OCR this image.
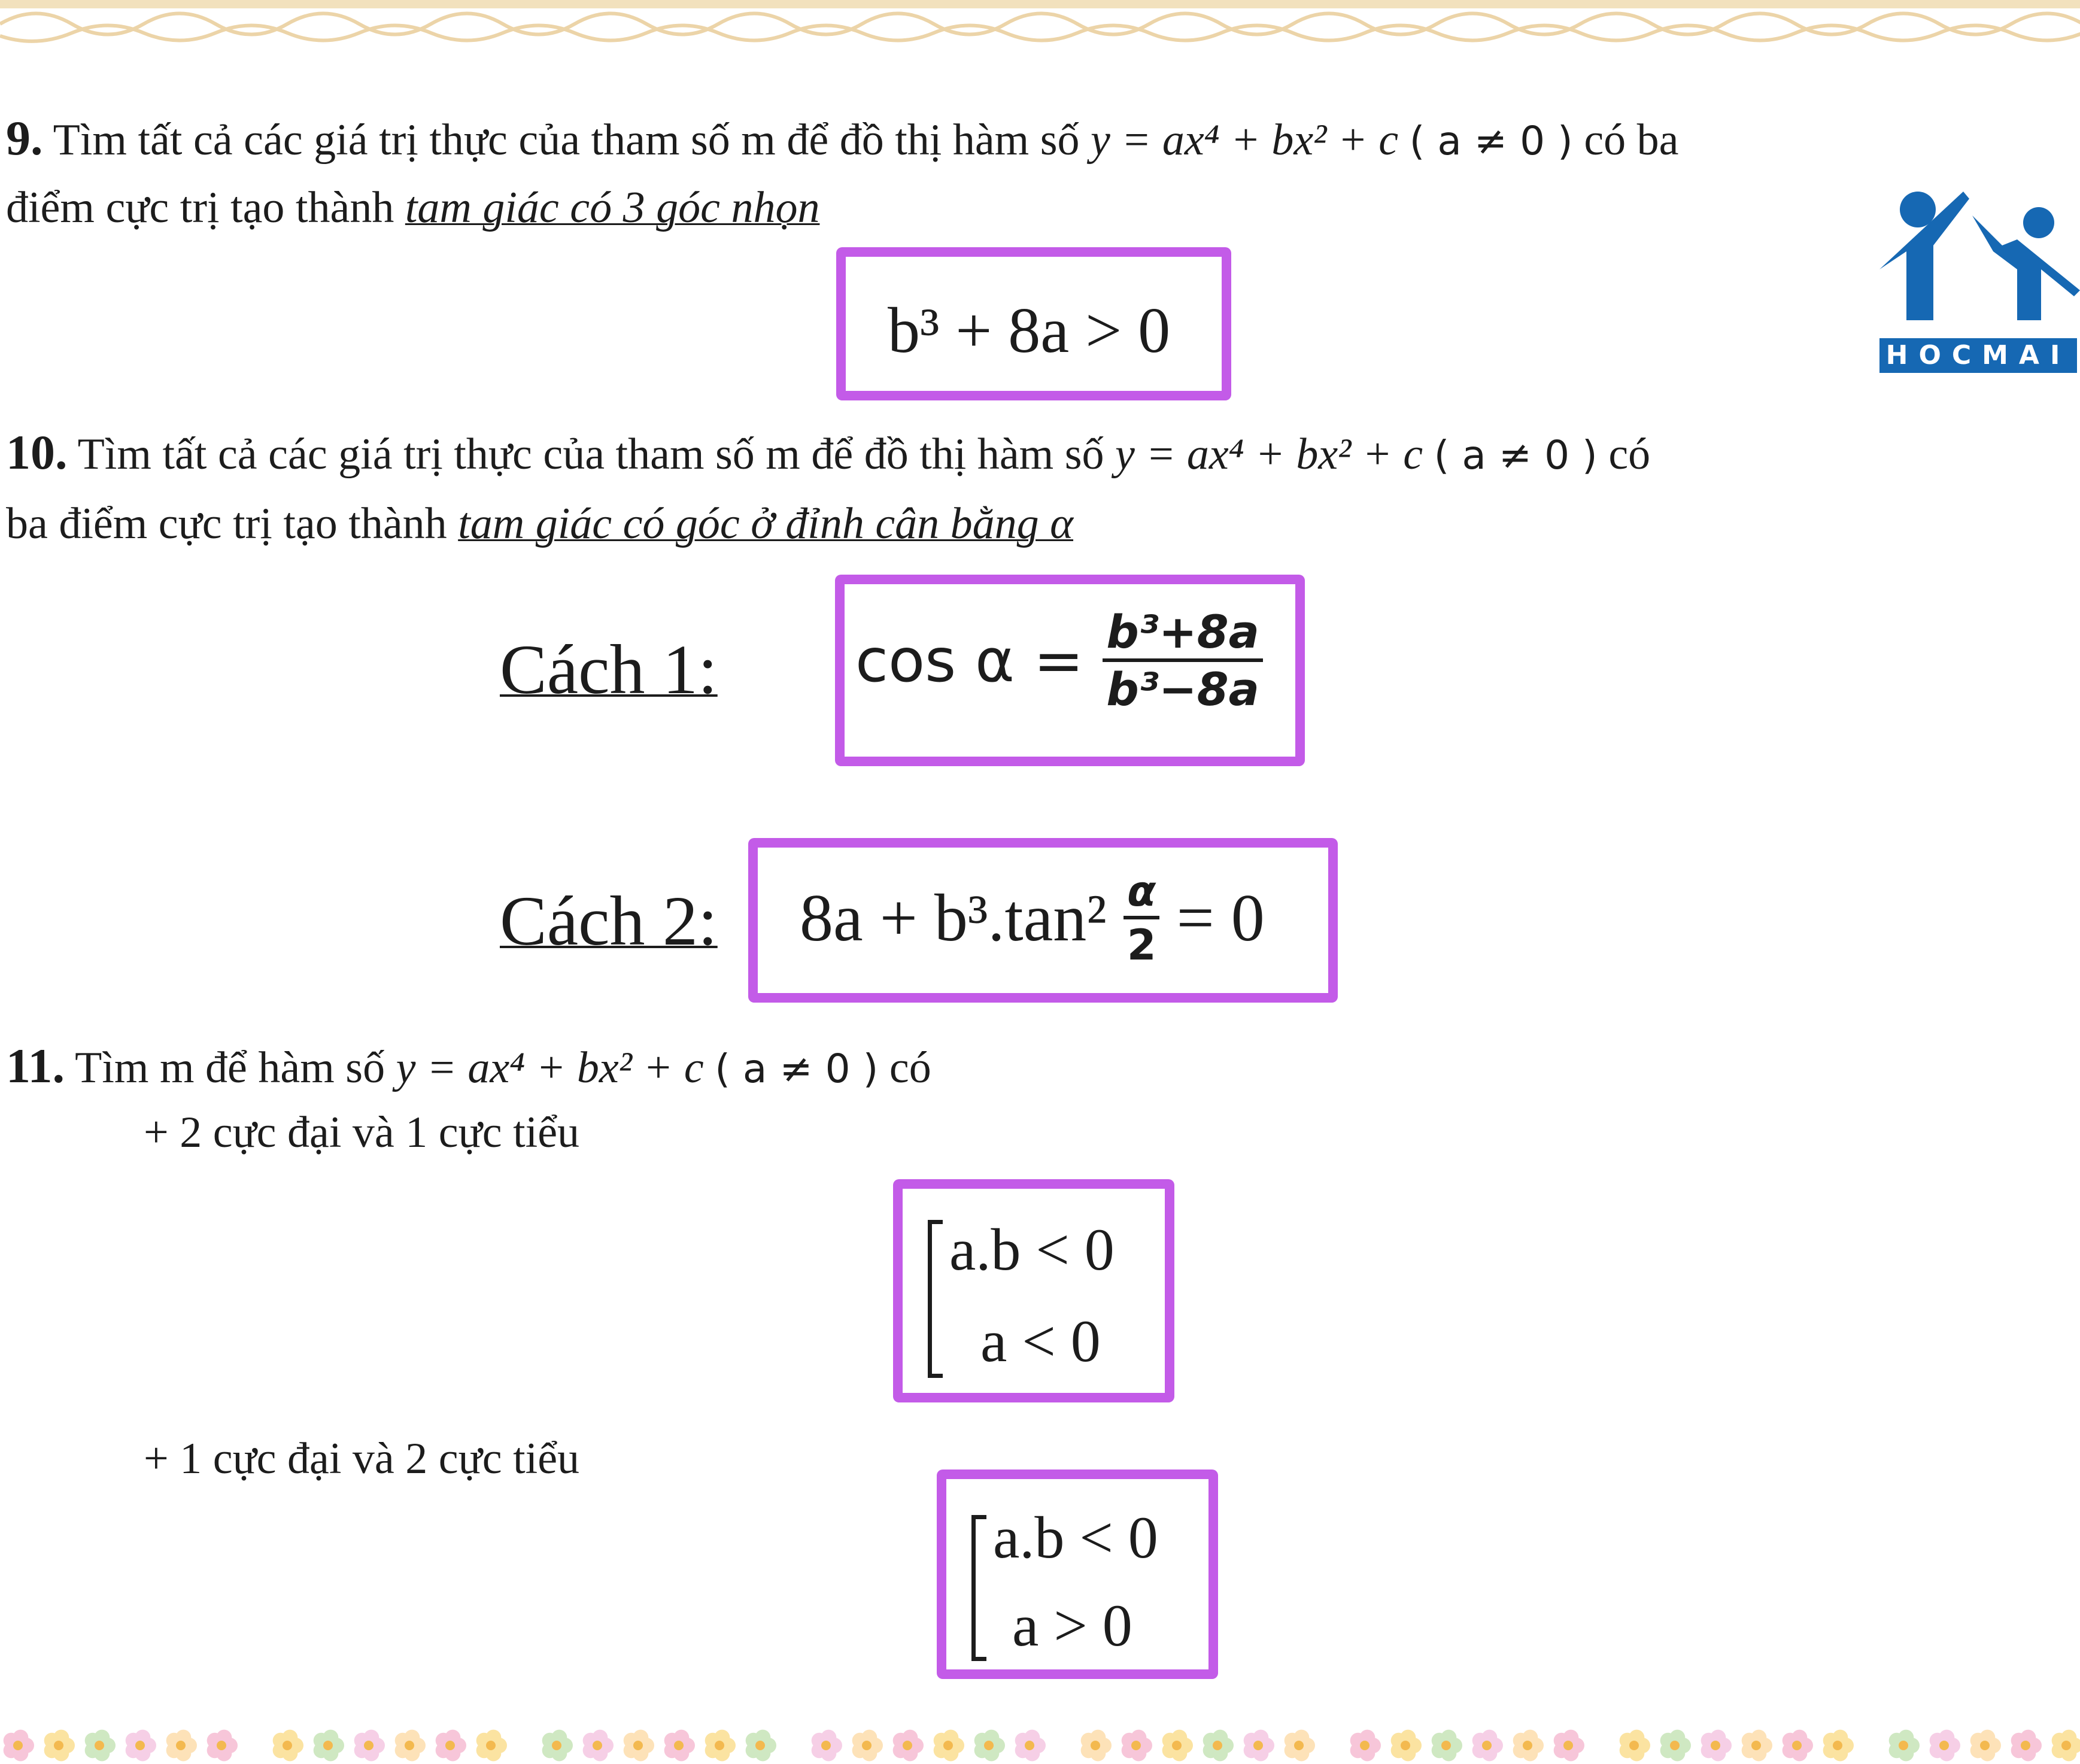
HOCMAI
9. Tìm tất cả các giá trị thực của tham số m để đồ thị hàm số y = ax⁴ + bx² + c ( a ≠ 0 ) có ba
điểm cực trị tạo thành tam giác có 3 góc nhọn
b³ + 8a > 0
10. Tìm tất cả các giá trị thực của tham số m để đồ thị hàm số y = ax⁴ + bx² + c ( a ≠ 0 ) có
ba điểm cực trị tạo thành tam giác có góc ở đỉnh cân bằng α
Cách 1: $\cos \alpha = \frac{\text{b³+8a}}{\text{b³−8a}}$
Cách 2: $8a + b^3.\tan^2 \frac{\alpha}{2} = 0$
11. Tìm m để hàm số y = ax⁴ + bx² + c ( a ≠ 0 ) có
+ 2 cực đại và 1 cực tiểu
a.b < 0
a < 0
+ 1 cực đại và 2 cực tiểu
a.b < 0
a > 0
